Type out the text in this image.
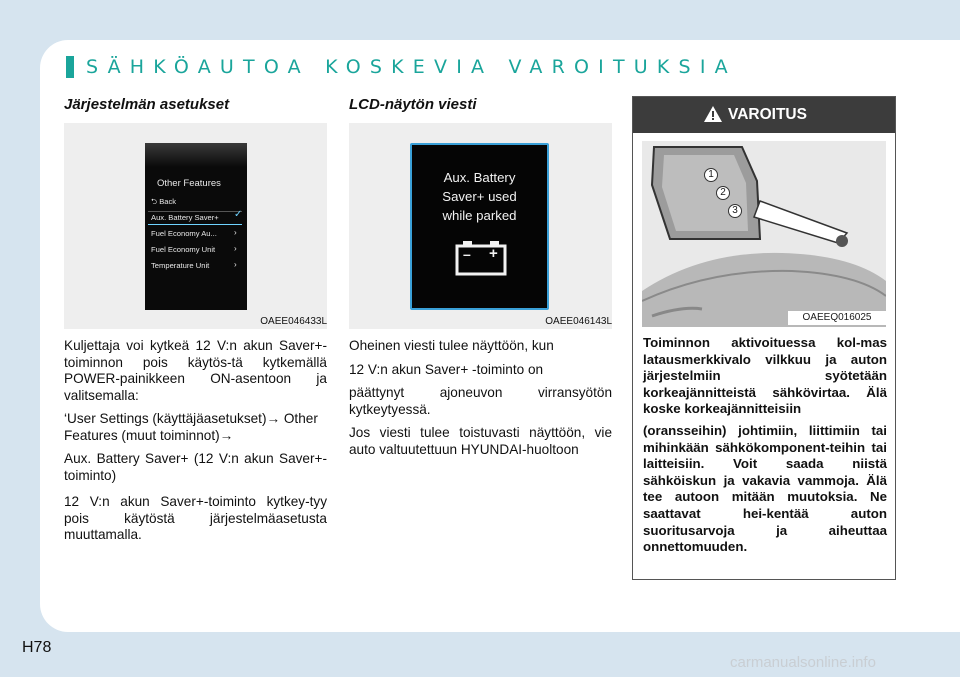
SÄHKÖAUTOA KOSKEVIA VAROITUKSIA
Järjestelmän asetukset
Other Features
⮌ Back
Aux. Battery Saver+ ✓
Fuel Economy Au... ›
Fuel Economy Unit ›
Temperature Unit	›
OAEE046433L

Kuljettaja voi kytkeä 12 V:n akun Saver+-toiminnon pois käytös-tä kytkemällä POWER-painikkeen ON-asentoon ja valitsemalla:

‘User Settings (käyttäjäasetukset)→ Other Features (muut toiminnot)→

Aux. Battery Saver+ (12 V:n akun Saver+-toiminto)

12 V:n akun Saver+-toiminto kytkey-tyy pois käytöstä järjestelmäasetusta muuttamalla.

LCD-näytön viesti
Aux. Battery
Saver+ used
while parked
– +
OAEE046143L

Oheinen viesti tulee näyttöön, kun

12 V:n akun Saver+ -toiminto on

päättynyt ajoneuvon virransyötön kytkeytyessä.

Jos viesti tulee toistuvasti näyttöön, vie auto valtuutettuun HYUNDAI-huoltoon

VAROITUS
1
2
3
OAEEQ016025

Toiminnon aktivoituessa kol-mas latausmerkkivalo vilkkuu ja auton järjestelmiin syötetään korkeajännitteistä sähkövirtaa. Älä koske korkeajännitteisiin

(oransseihin) johtimiin, liittimiin tai mihinkään sähkökomponent-teihin tai laitteisiin. Voit saada niistä sähköiskun ja vakavia vammoja. Älä tee autoon mitään muutoksia. Ne saattavat hei-kentää auton suoritusarvoja ja aiheuttaa onnettomuuden.

H78
carmanualsonline.info
